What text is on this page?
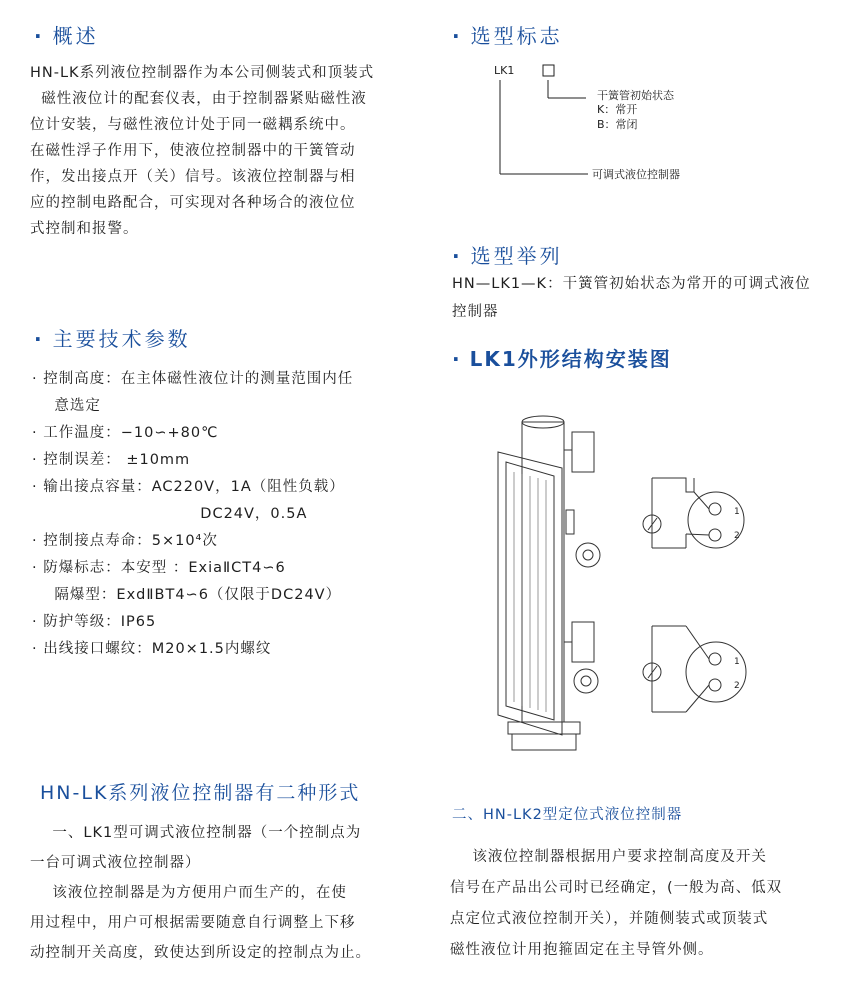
· 概述
HN-LK系列液位控制器作为本公司侧装式和顶装式
磁性液位计的配套仪表，由于控制器紧贴磁性液
位计安装，与磁性液位计处于同一磁耦系统中。
在磁性浮子作用下，使液位控制器中的干簧管动
作，发出接点开（关）信号。该液位控制器与相
应的控制电路配合，可实现对各种场合的液位位
式控制和报警。
· 主要技术参数
· 控制高度：在主体磁性液位计的测量范围内任
意选定
· 工作温度：−10∽+80℃
· 控制误差： ±10mm
· 输出接点容量：AC220V，1A（阻性负载）
DC24V，0.5A
· 控制接点寿命：5×10⁴次
· 防爆标志：本安型 ：ExiaⅡCT4∽6
隔爆型：ExdⅡBT4∽6（仅限于DC24V）
· 防护等级：IP65
· 出线接口螺纹：M20×1.5内螺纹
HN-LK系列液位控制器有二种形式
一、LK1型可调式液位控制器（一个控制点为
一台可调式液位控制器）
该液位控制器是为方便用户而生产的，在使
用过程中，用户可根据需要随意自行调整上下移
动控制开关高度，致使达到所设定的控制点为止。
· 选型标志
LK1
干簧管初始状态
K：常开
B：常闭
可调式液位控制器
· 选型举列
HN—LK1—K：干簧管初始状态为常开的可调式液位
控制器
· LK1外形结构安装图
1
2
1
2
二、HN-LK2型定位式液位控制器
该液位控制器根据用户要求控制高度及开关
信号在产品出公司时已经确定，(一般为高、低双
点定位式液位控制开关），并随侧装式或顶装式
磁性液位计用抱箍固定在主导管外侧。
